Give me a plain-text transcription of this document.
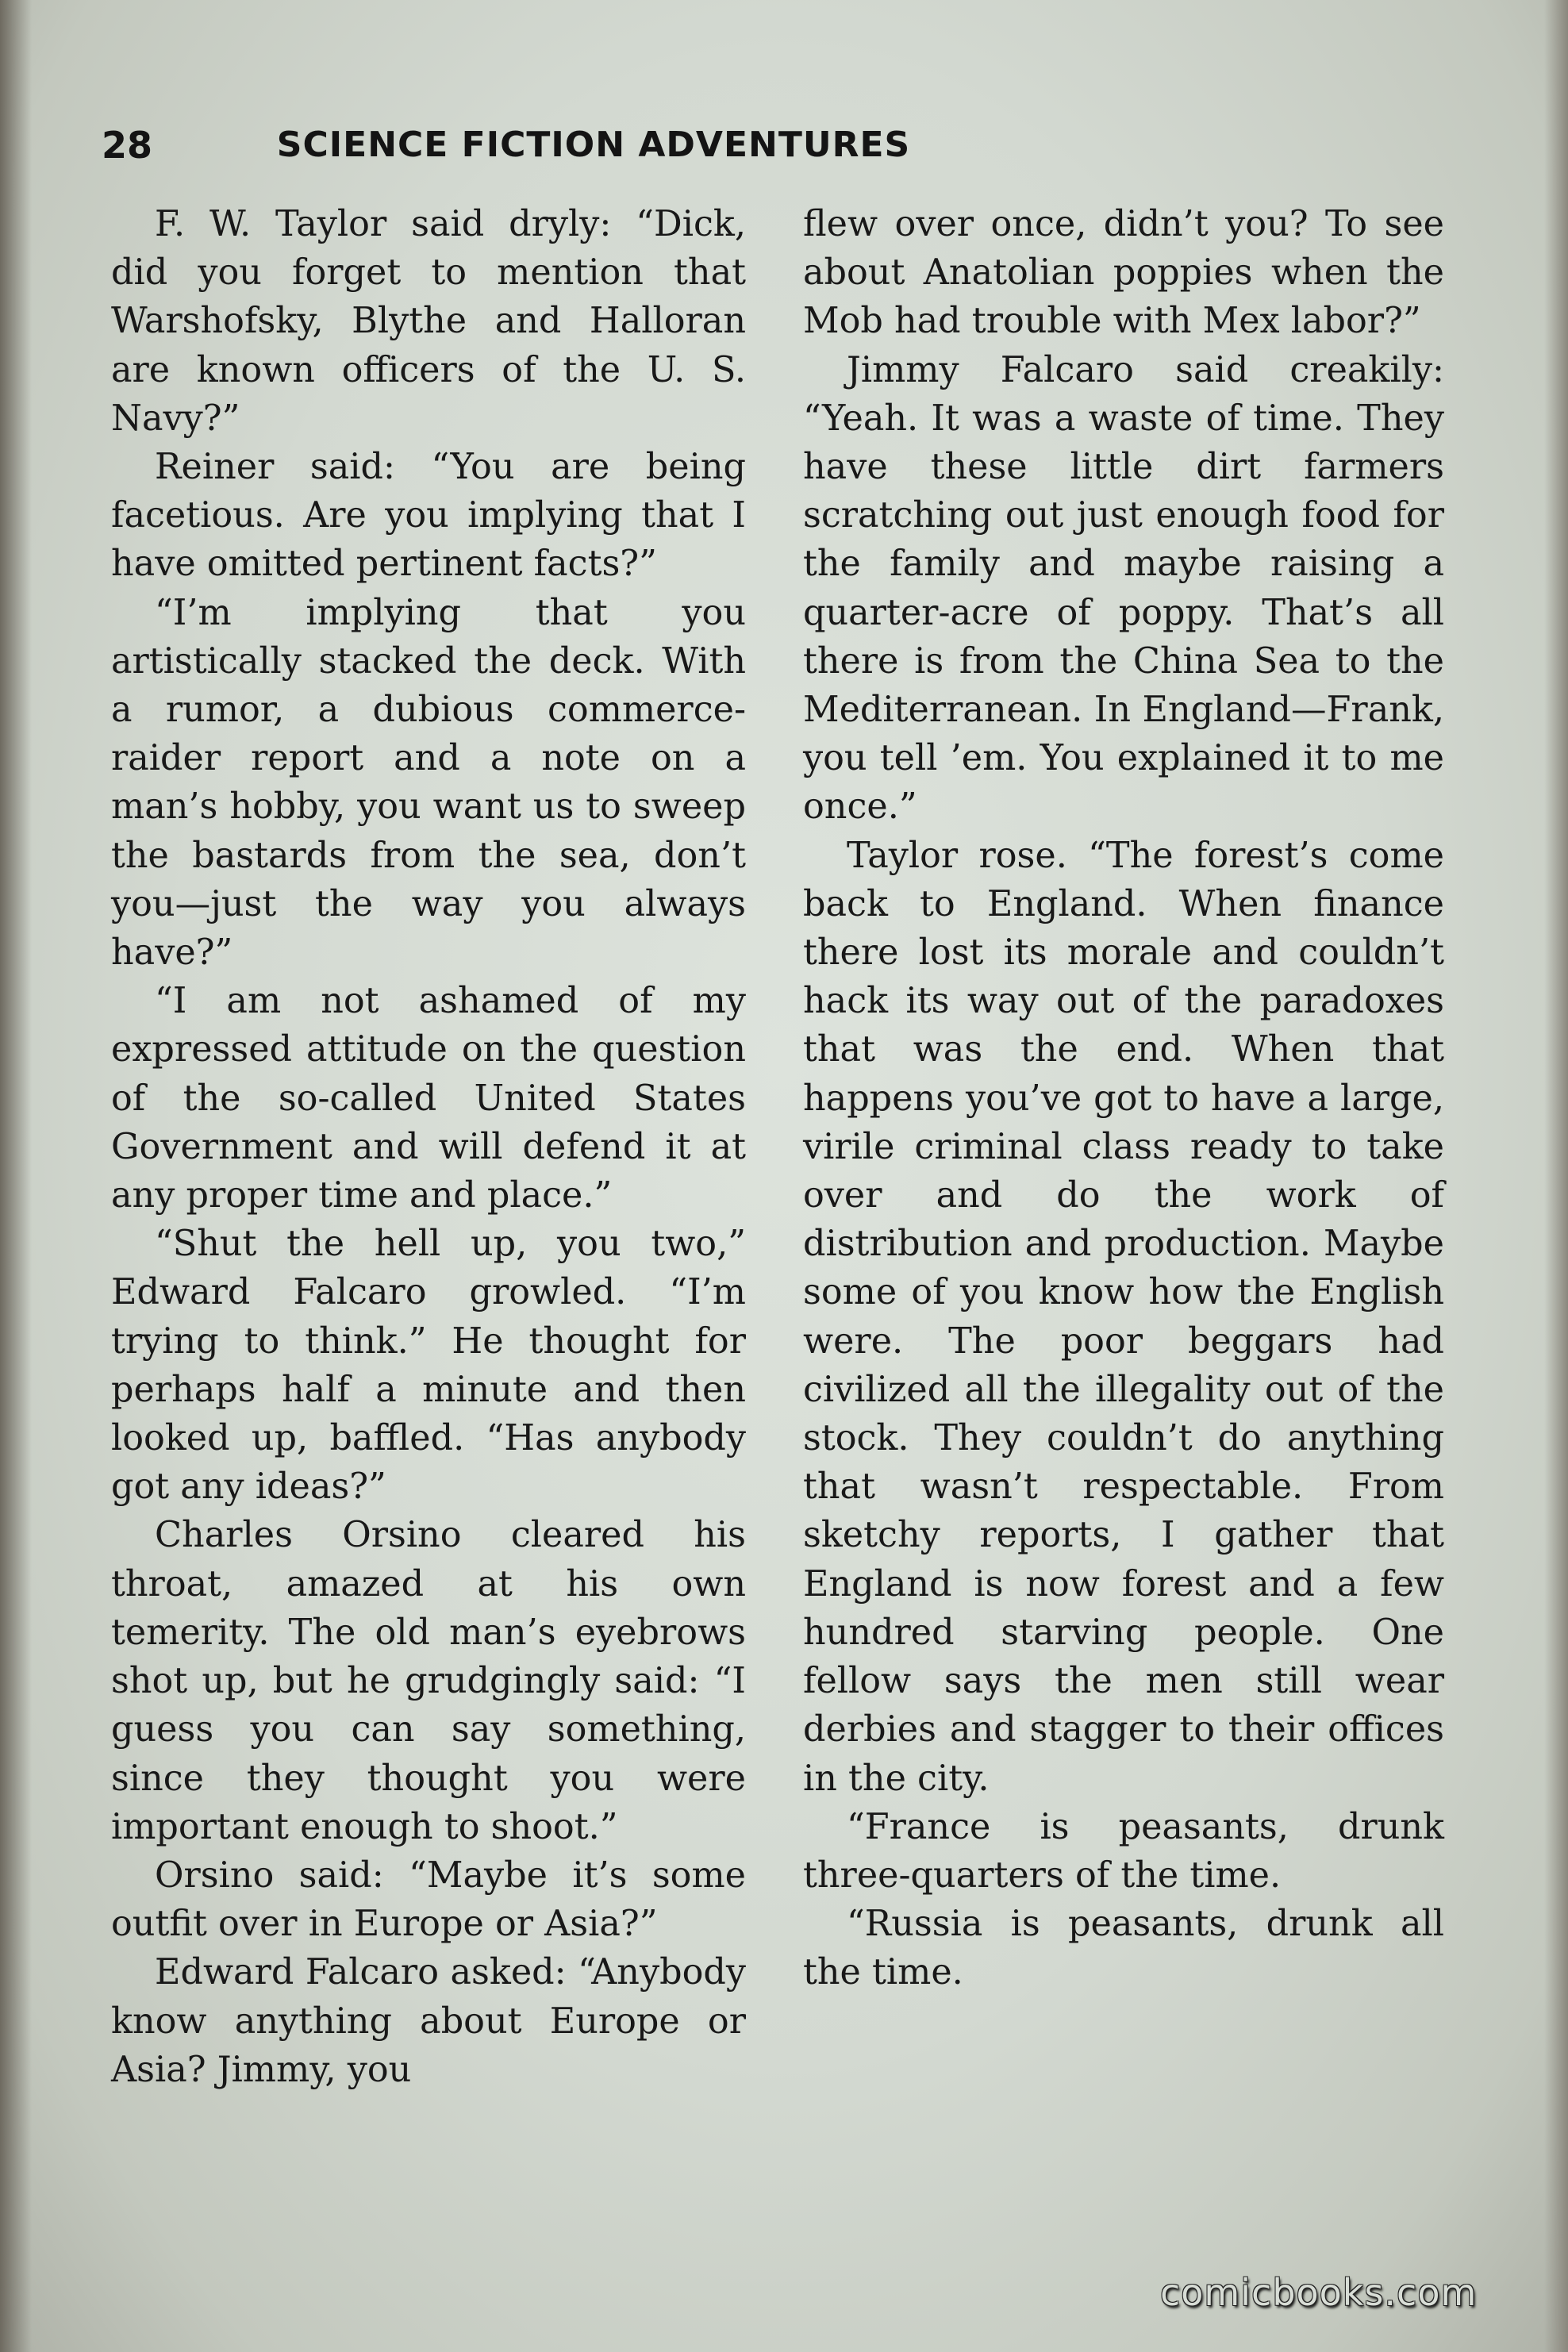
SCIENCE FICTION ADVENTURES
28

F. W. Taylor said dryly: “Dick, did you forget to mention that Warshofsky, Blythe and Halloran are known officers of the U. S. Navy?”

Reiner said: “You are being facetious. Are you implying that I have omitted pertinent facts?”

“I’m implying that you artistically stacked the deck. With a rumor, a dubious commerce-raider report and a note on a man’s hobby, you want us to sweep the bastards from the sea, don’t you—just the way you always have?”

“I am not ashamed of my expressed attitude on the question of the so-called United States Government and will defend it at any proper time and place.”

“Shut the hell up, you two,” Edward Falcaro growled. “I’m trying to think.” He thought for perhaps half a minute and then looked up, baffled. “Has anybody got any ideas?”

Charles Orsino cleared his throat, amazed at his own temerity. The old man’s eyebrows shot up, but he grudgingly said: “I guess you can say something, since they thought you were important enough to shoot.”

Orsino said: “Maybe it’s some outfit over in Europe or Asia?”

Edward Falcaro asked: “Anybody know anything about Europe or Asia? Jimmy, you

flew over once, didn’t you? To see about Anatolian poppies when the Mob had trouble with Mex labor?”

Jimmy Falcaro said creakily: “Yeah. It was a waste of time. They have these little dirt farmers scratching out just enough food for the family and maybe raising a quarter-acre of poppy. That’s all there is from the China Sea to the Mediterranean. In England—Frank, you tell ’em. You explained it to me once.”

Taylor rose. “The forest’s come back to England. When finance there lost its morale and couldn’t hack its way out of the paradoxes that was the end. When that happens you’ve got to have a large, virile criminal class ready to take over and do the work of distribution and production. Maybe some of you know how the English were. The poor beggars had civilized all the illegality out of the stock. They couldn’t do anything that wasn’t respectable. From sketchy reports, I gather that England is now forest and a few hundred starving people. One fellow says the men still wear derbies and stagger to their offices in the city.

“France is peasants, drunk three-quarters of the time.

“Russia is peasants, drunk all the time.

comicbooks.com
